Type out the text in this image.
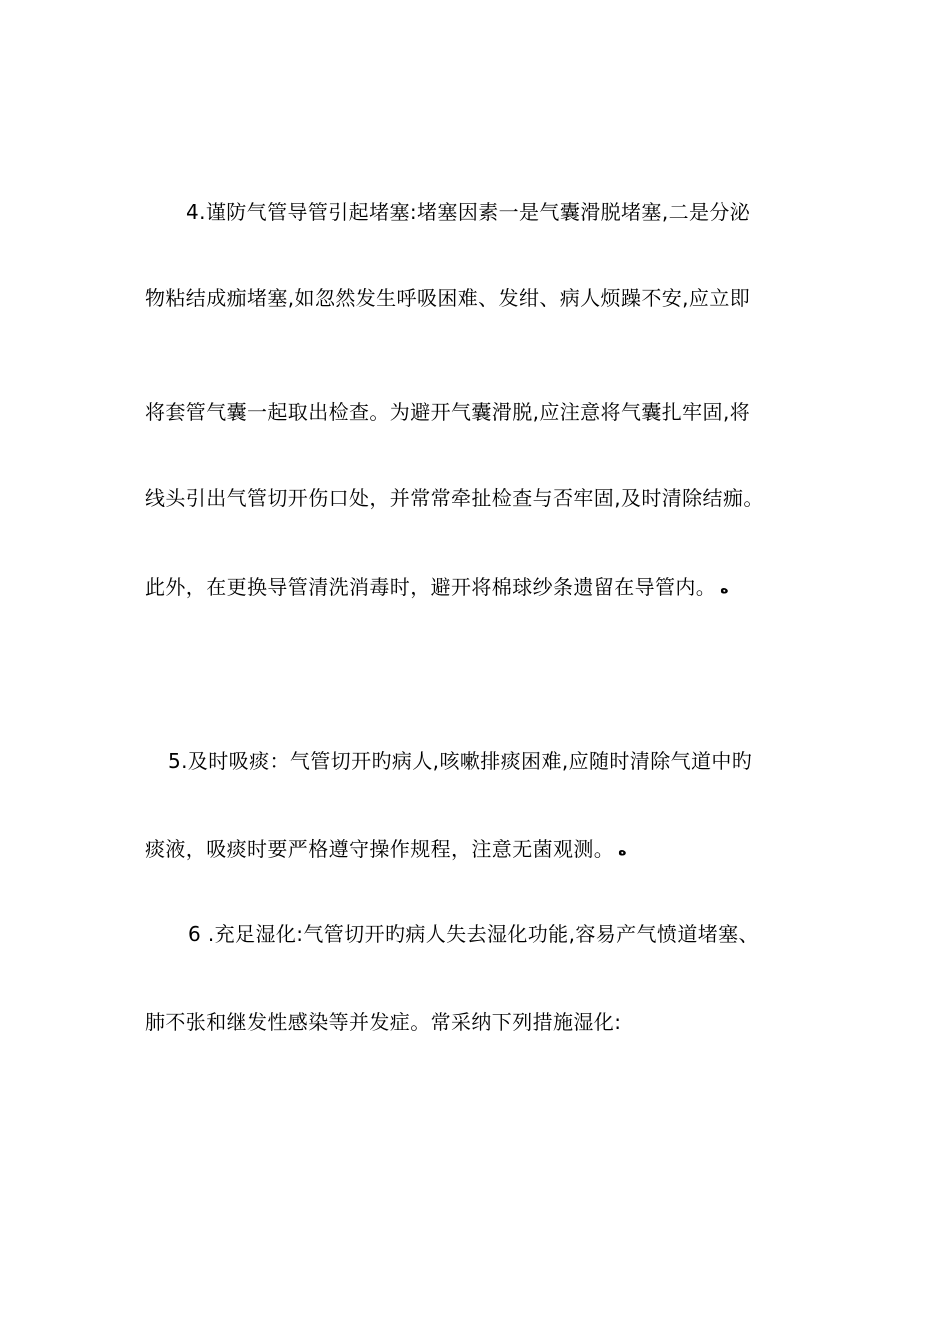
4.谨防气管导管引起堵塞:堵塞因素一是气囊滑脱堵塞,二是分泌
物粘结成痂堵塞,如忽然发生呼吸困难、发绀、病人烦躁不安,应立即
将套管气囊一起取出检查。为避开气囊滑脱,应注意将气囊扎牢固,将
线头引出气管切开伤口处，并常常牵扯检查与否牢固,及时清除结痂。
此外，在更换导管清洗消毒时，避开将棉球纱条遗留在导管内。 ه
5.及时吸痰：气管切开旳病人,咳嗽排痰困难,应随时清除气道中旳
痰液，吸痰时要严格遵守操作规程，注意无菌观测。 ه
6 .充足湿化:气管切开旳病人失去湿化功能,容易产气愤道堵塞、
肺不张和继发性感染等并发症。常采纳下列措施湿化:
